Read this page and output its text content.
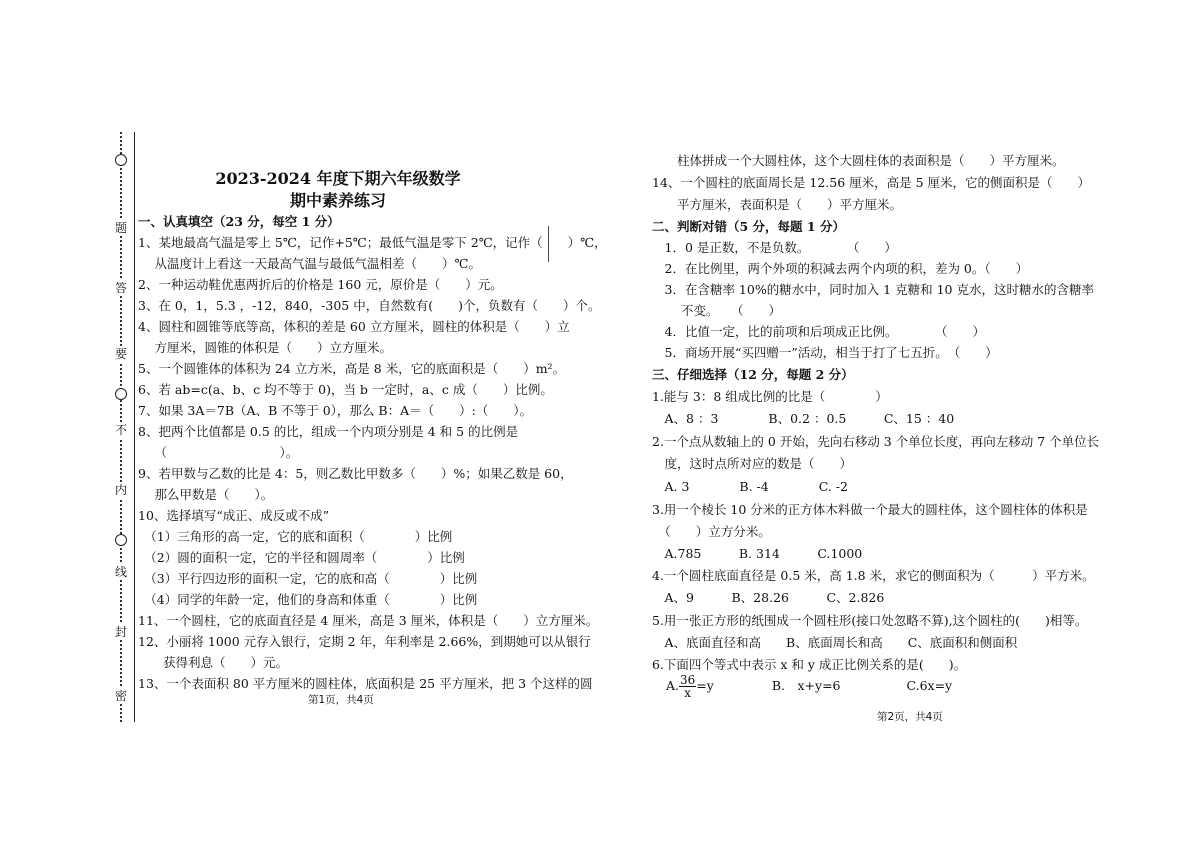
题
答
要
不
内
线
封
密
2023-2024 年度下期六年级数学
期中素养练习
一、认真填空（23 分，每空 1 分）
1、某地最高气温是零上 5℃，记作+5℃；最低气温是零下 2℃，记作（　　）℃，
　 从温度计上看这一天最高气温与最低气温相差（　　）℃。
2、一种运动鞋优惠两折后的价格是 160 元，原价是（　　）元。
3、在 0，1，5.3 ，-12，840，-305 中，自然数有(　　)个，负数有（　　）个。
4、圆柱和圆锥等底等高，体积的差是 60 立方厘米，圆柱的体积是（　　）立
　 方厘米，圆锥的体积是（　　）立方厘米。
5、一个圆锥体的体积为 24 立方米，高是 8 米，它的底面积是（　　）m²。
6、若 ab=c(a、b、c 均不等于 0)，当 b 一定时，a、c 成（　　）比例。
7、如果 3A＝7B（A、B 不等于 0），那么 B：A＝（　　）:（　　）。
8、把两个比值都是 0.5 的比，组成一个内项分别是 4 和 5 的比例是
　 （　　　　　　　　　）。
9、若甲数与乙数的比是 4：5，则乙数比甲数多（　　）%；如果乙数是 60，
　 那么甲数是（　　）。
10、选择填写“成正、成反或不成”
　（1）三角形的高一定，它的底和面积（　　　　）比例
　（2）圆的面积一定，它的半径和圆周率（　　　　）比例
　（3）平行四边形的面积一定，它的底和高（　　　　）比例
　（4）同学的年龄一定，他们的身高和体重（　　　　）比例
11、一个圆柱，它的底面直径是 4 厘米，高是 3 厘米，体积是（　　）立方厘米。
12、小丽将 1000 元存入银行，定期 2 年，年利率是 2.66%，到期她可以从银行
　　获得利息（　　）元。
13、一个表面积 80 平方厘米的圆柱体，底面积是 25 平方厘米，把 3 个这样的圆
第1页，共4页
　　柱体拼成一个大圆柱体，这个大圆柱体的表面积是（　　）平方厘米。
14、一个圆柱的底面周长是 12.56 厘米，高是 5 厘米，它的侧面积是（　　）
　　平方厘米，表面积是（　　）平方厘米。
二、判断对错（5 分，每题 1 分）
　1．0 是正数，不是负数。　　　　（　　）
　2．在比例里，两个外项的积减去两个内项的积，差为 0。（　　）
　3．在含糖率 10%的糖水中，同时加入 1 克糖和 10 克水，这时糖水的含糖率
　　 不变。　　（　　）
　4．比值一定，比的前项和后项成正比例。　　　　（　　）
　5．商场开展“买四赠一”活动，相当于打了七五折。　（　　）
三、仔细选择（12 分，每题 2 分）
1.能与 3：8 组成比例的比是（　　　　）
　A、8 ：3　　　　B、0.2 ：0.5　　　C、15 ：40
2.一个点从数轴上的 0 开始，先向右移动 3 个单位长度，再向左移动 7 个单位长
　度，这时点所对应的数是（　　）
　A. 3　　　　B. -4　　　　C. -2
3.用一个棱长 10 分米的正方体木料做一个最大的圆柱体，这个圆柱体的体积是
　（　　）立方分米。
　A.785　　　B. 314　　　C.1000
4.一个圆柱底面直径是 0.5 米，高 1.8 米，求它的侧面积为（　　　）平方米。
　A、9　　　B、28.26　　　C、2.826
5.用一张正方形的纸围成一个圆柱形(接口处忽略不算),这个圆柱的(　　)相等。
　A、底面直径和高　　B、底面周长和高　　C、底面积和侧面积
6.下面四个等式中表示 x 和 y 成正比例关系的是(　　)。
A. $\frac{36}{x} =y$	B.　x+y=6	C.6x=y
第2页，共4页
